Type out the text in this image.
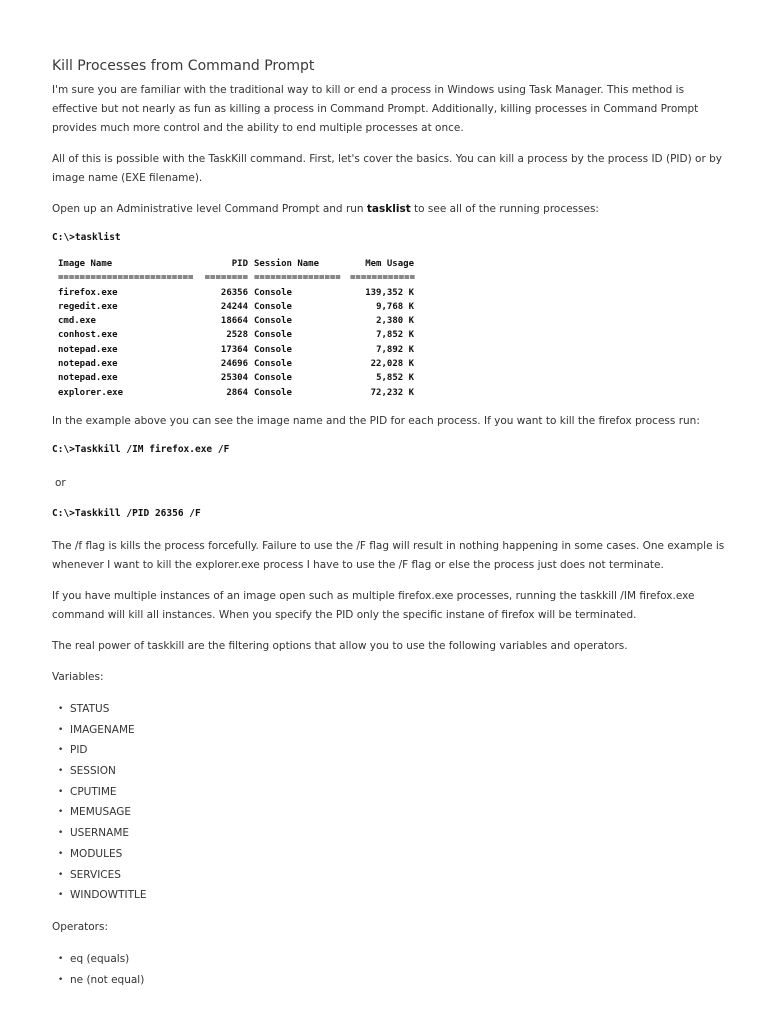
Kill Processes from Command Prompt

I'm sure you are familiar with the traditional way to kill or end a process in Windows using Task Manager. This method is effective but not nearly as fun as killing a process in Command Prompt. Additionally, killing processes in Command Prompt provides much more control and the ability to end multiple processes at once.

All of this is possible with the TaskKill command. First, let's cover the basics. You can kill a process by the process ID (PID) or by image name (EXE filename).

Open up an Administrative level Command Prompt and run tasklist to see all of the running processes:

C:\>tasklist
Image Name	PID Session Name	Mem Usage
=========================	======== ================	============
firefox.exe	26356 Console	139,352 K
regedit.exe	24244 Console	9,768 K
cmd.exe	18664 Console	2,380 K
conhost.exe	2528 Console	7,852 K
notepad.exe	17364 Console	7,892 K
notepad.exe	24696 Console	22,028 K
notepad.exe	25304 Console	5,852 K
explorer.exe	2864 Console	72,232 K

In the example above you can see the image name and the PID for each process. If you want to kill the firefox process run:

C:\>Taskkill /IM firefox.exe /F

or

C:\>Taskkill /PID 26356 /F

The /f flag is kills the process forcefully. Failure to use the /F flag will result in nothing happening in some cases. One example is whenever I want to kill the explorer.exe process I have to use the /F flag or else the process just does not terminate.

If you have multiple instances of an image open such as multiple firefox.exe processes, running the taskkill /IM firefox.exe command will kill all instances. When you specify the PID only the specific instane of firefox will be terminated.

The real power of taskkill are the filtering options that allow you to use the following variables and operators.

Variables:

• STATUS
• IMAGENAME
• PID
• SESSION
• CPUTIME
• MEMUSAGE
• USERNAME
• MODULES
• SERVICES
• WINDOWTITLE

Operators:

• eq (equals)
• ne (not equal)
